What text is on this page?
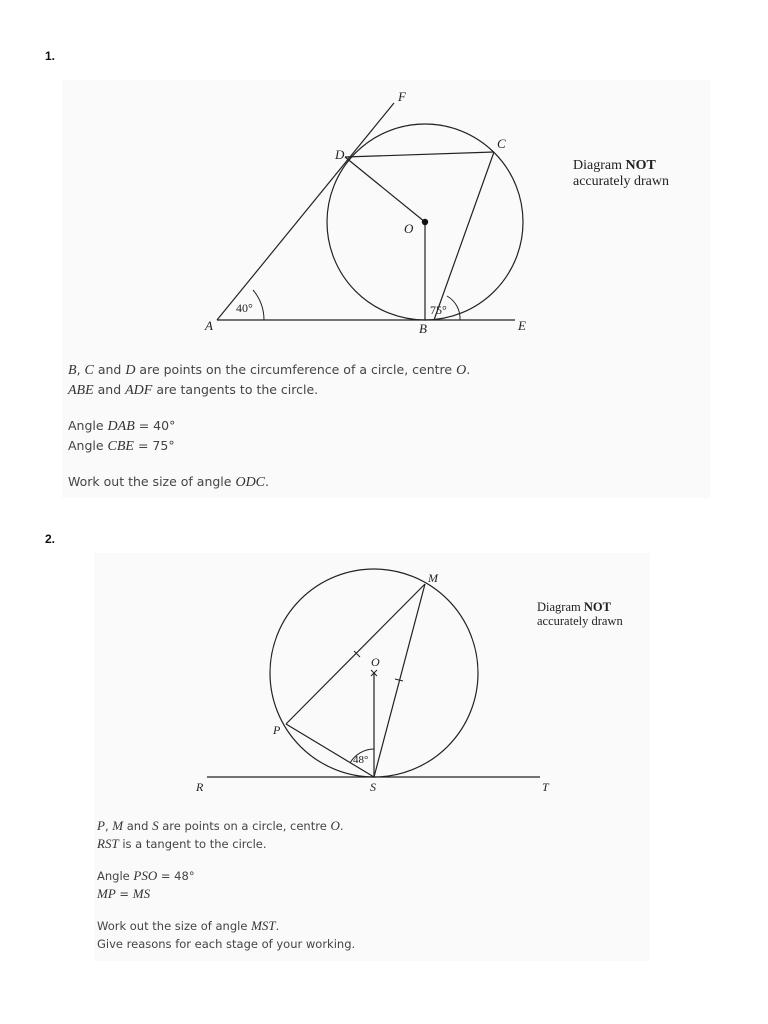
1.
F
D
C
O
A	B	E
40°	75°
Diagram NOT
accurately drawn
B, C and D are points on the circumference of a circle, centre O.
ABE and ADF are tangents to the circle.
Angle DAB = 40°
Angle CBE = 75°
Work out the size of angle ODC.
2.
M
O
P
R	S	T
48°
Diagram NOT
accurately drawn
P, M and S are points on a circle, centre O.
RST is a tangent to the circle.
Angle PSO = 48°
MP = MS
Work out the size of angle MST.
Give reasons for each stage of your working.
